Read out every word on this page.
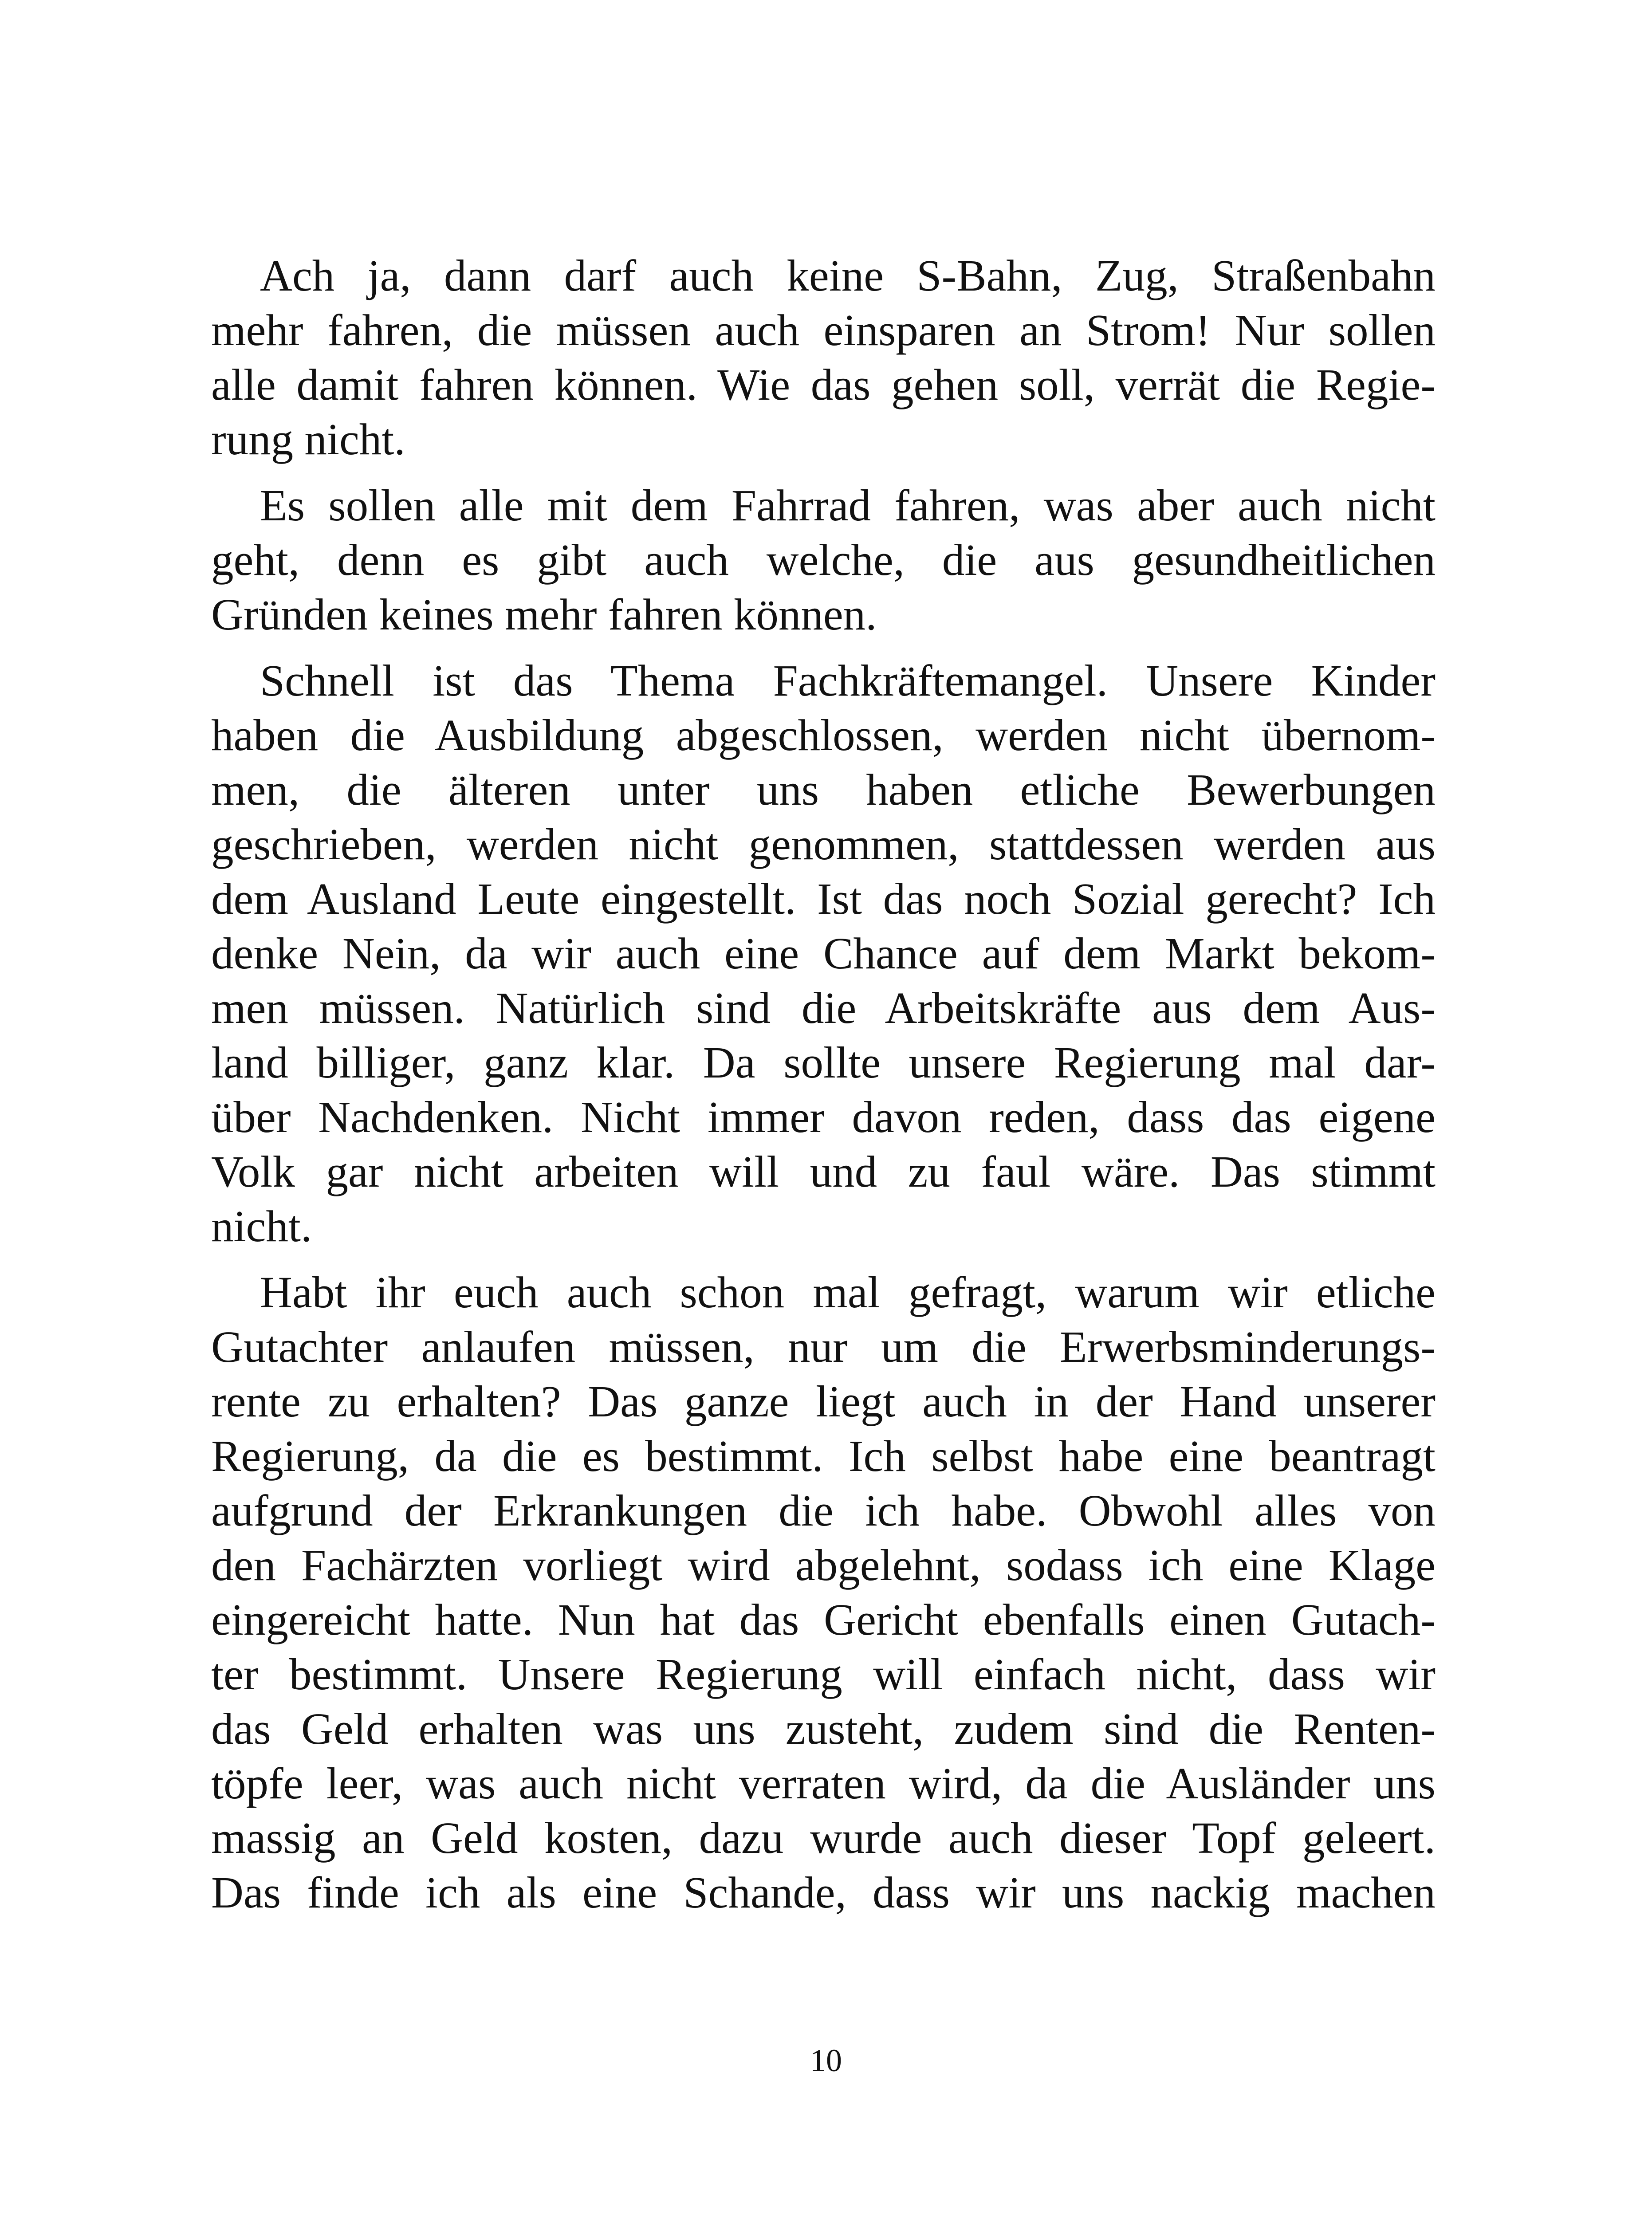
Ach ja, dann darf auch keine S-Bahn, Zug, Straßenbahn
mehr fahren, die müssen auch einsparen an Strom! Nur sollen
alle damit fahren können. Wie das gehen soll, verrät die Regie-
rung nicht.
Es sollen alle mit dem Fahrrad fahren, was aber auch nicht
geht, denn es gibt auch welche, die aus gesundheitlichen
Gründen keines mehr fahren können.
Schnell ist das Thema Fachkräftemangel. Unsere Kinder
haben die Ausbildung abgeschlossen, werden nicht übernom-
men, die älteren unter uns haben etliche Bewerbungen
geschrieben, werden nicht genommen, stattdessen werden aus
dem Ausland Leute eingestellt. Ist das noch Sozial gerecht? Ich
denke Nein, da wir auch eine Chance auf dem Markt bekom-
men müssen. Natürlich sind die Arbeitskräfte aus dem Aus-
land billiger, ganz klar. Da sollte unsere Regierung mal dar-
über Nachdenken. Nicht immer davon reden, dass das eigene
Volk gar nicht arbeiten will und zu faul wäre. Das stimmt
nicht.
Habt ihr euch auch schon mal gefragt, warum wir etliche
Gutachter anlaufen müssen, nur um die Erwerbsminderungs-
rente zu erhalten? Das ganze liegt auch in der Hand unserer
Regierung, da die es bestimmt. Ich selbst habe eine beantragt
aufgrund der Erkrankungen die ich habe. Obwohl alles von
den Fachärzten vorliegt wird abgelehnt, sodass ich eine Klage
eingereicht hatte. Nun hat das Gericht ebenfalls einen Gutach-
ter bestimmt. Unsere Regierung will einfach nicht, dass wir
das Geld erhalten was uns zusteht, zudem sind die Renten-
töpfe leer, was auch nicht verraten wird, da die Ausländer uns
massig an Geld kosten, dazu wurde auch dieser Topf geleert.
Das finde ich als eine Schande, dass wir uns nackig machen
10
